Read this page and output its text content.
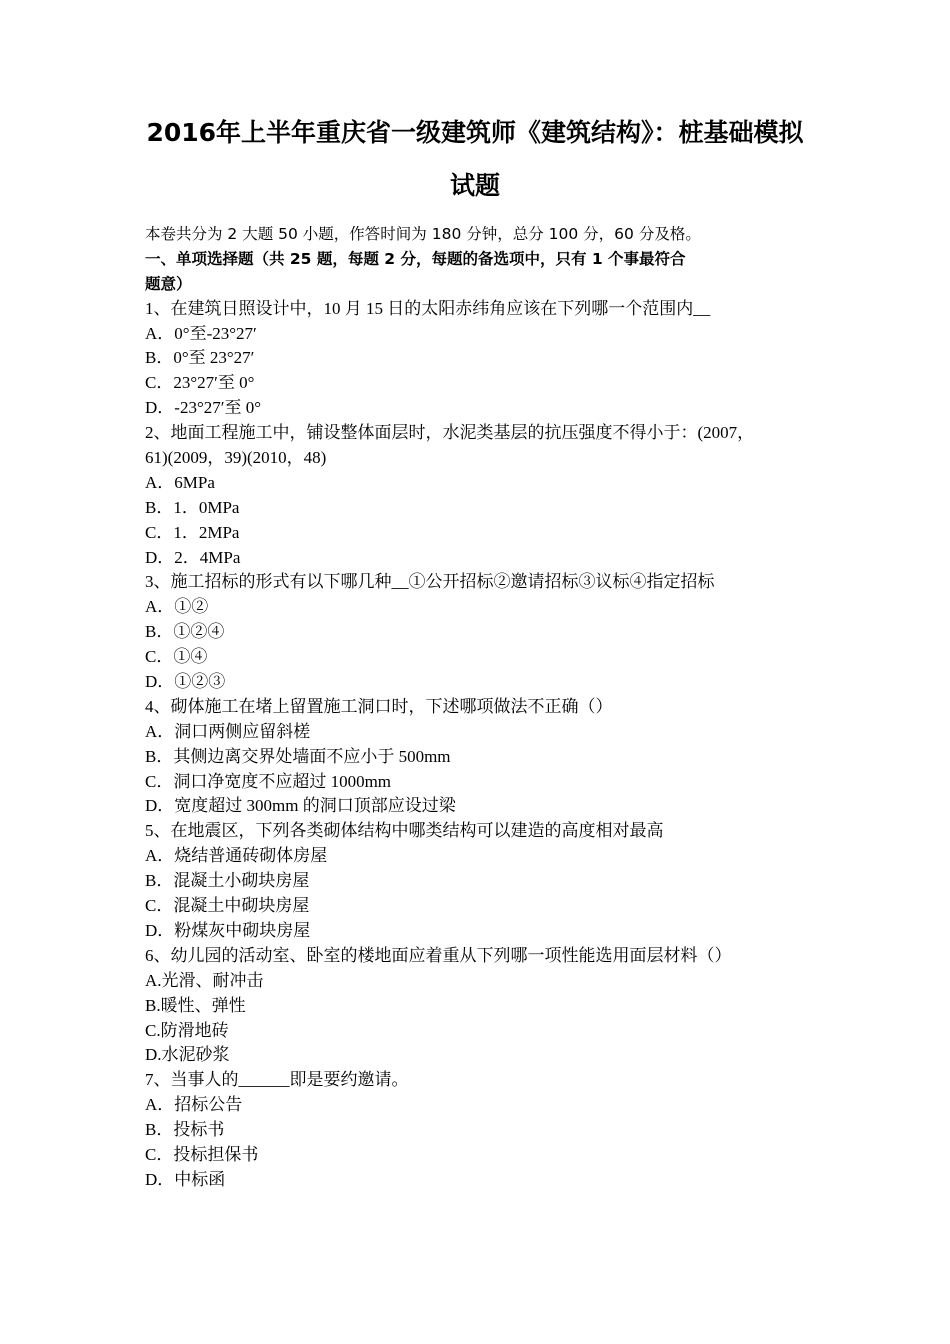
2016年上半年重庆省一级建筑师《建筑结构》：桩基础模拟
试题
本卷共分为 2 大题 50 小题，作答时间为 180 分钟，总分 100 分，60 分及格。
一、单项选择题（共 25 题，每题 2 分，每题的备选项中，只有 1 个事最符合
题意）
1、在建筑日照设计中，10 月 15 日的太阳赤纬角应该在下列哪一个范围内__
A．0°至-23°27′
B．0°至 23°27′
C．23°27′至 0°
D．-23°27′至 0°
2、地面工程施工中，铺设整体面层时，水泥类基层的抗压强度不得小于：(2007，
61)(2009，39)(2010，48)
A．6MPa
B．1．0MPa
C．1．2MPa
D．2．4MPa
3、施工招标的形式有以下哪几种__①公开招标②邀请招标③议标④指定招标
A．①②
B．①②④
C．①④
D．①②③
4、砌体施工在堵上留置施工洞口时，下述哪项做法不正确（）
A．洞口两侧应留斜槎
B．其侧边离交界处墙面不应小于 500mm
C．洞口净宽度不应超过 1000mm
D．宽度超过 300mm 的洞口顶部应设过梁
5、在地震区，下列各类砌体结构中哪类结构可以建造的高度相对最高
A．烧结普通砖砌体房屋
B．混凝土小砌块房屋
C．混凝土中砌块房屋
D．粉煤灰中砌块房屋
6、幼儿园的活动室、卧室的楼地面应着重从下列哪一项性能选用面层材料（）
A.光滑、耐冲击
B.暖性、弹性
C.防滑地砖
D.水泥砂浆
7、当事人的______即是要约邀请。
A．招标公告
B．投标书
C．投标担保书
D．中标函
